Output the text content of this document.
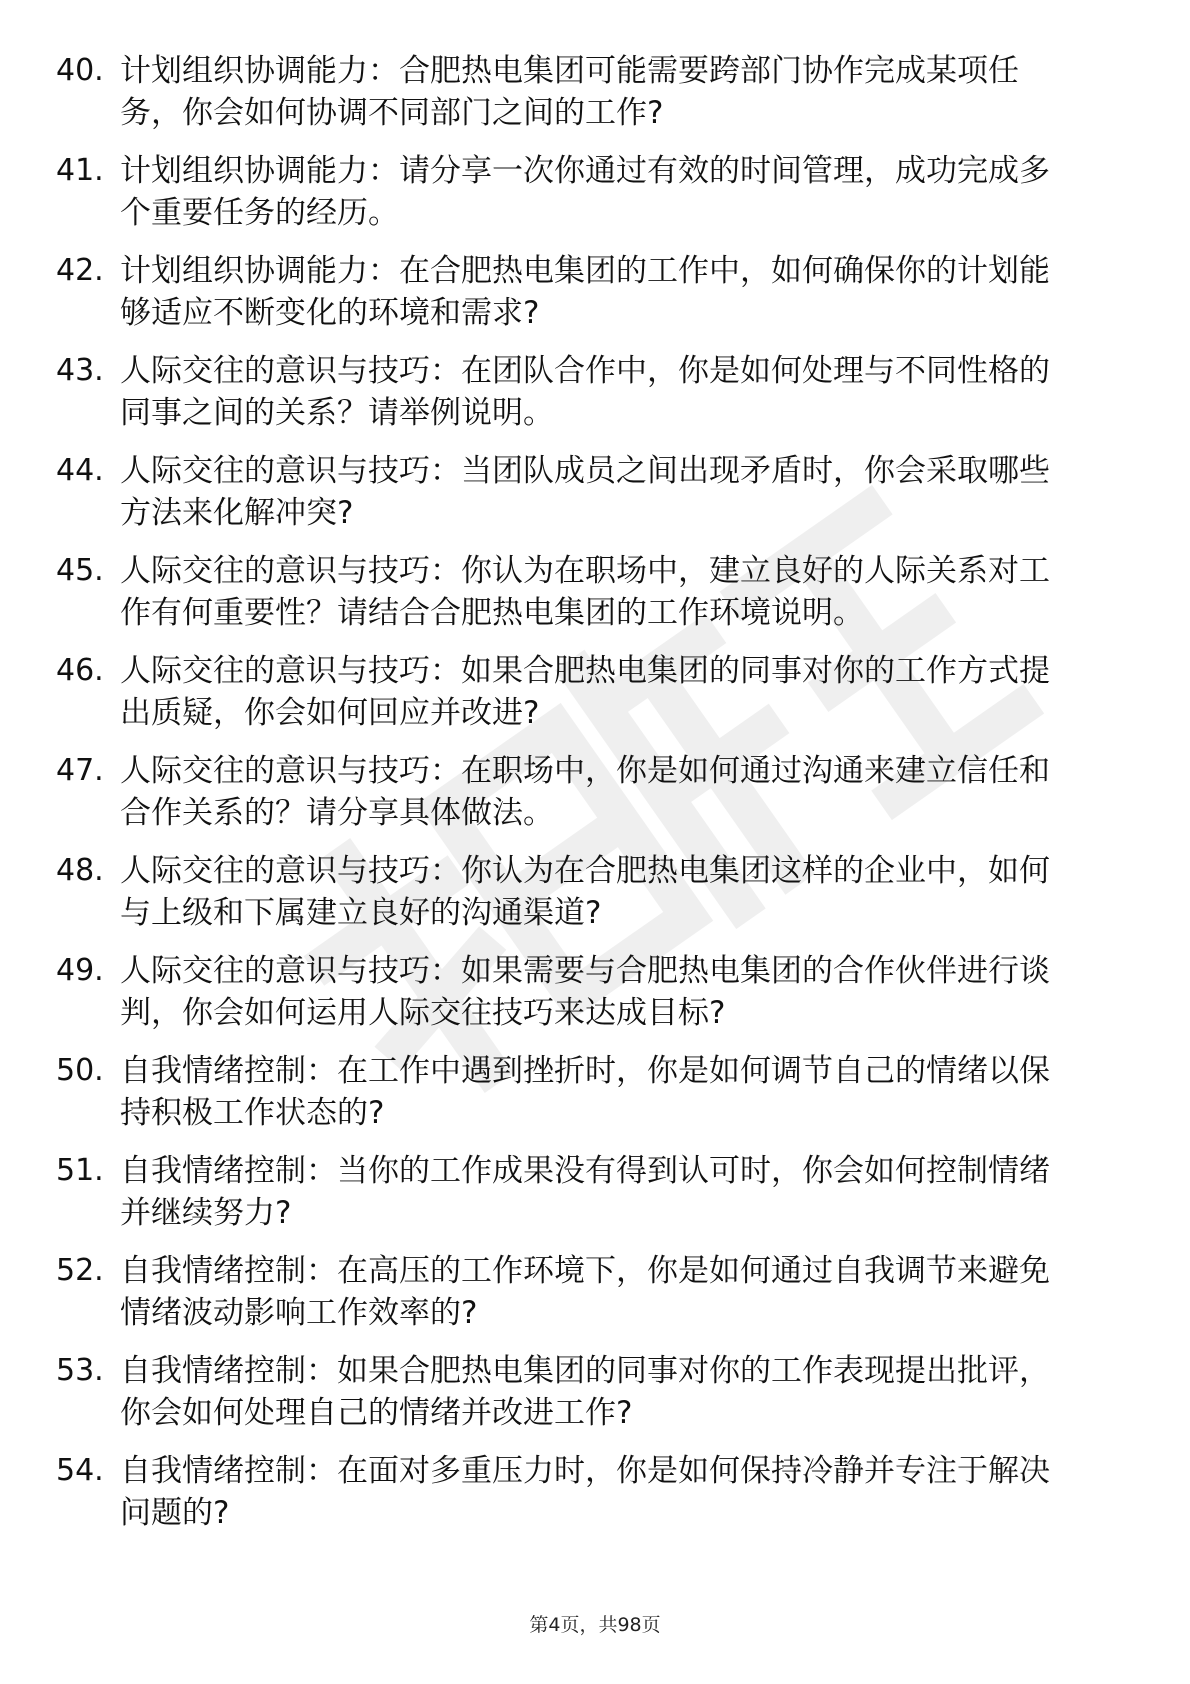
40. 计划组织协调能力：合肥热电集团可能需要跨部门协作完成某项任务，你会如何协调不同部门之间的工作?
41. 计划组织协调能力：请分享一次你通过有效的时间管理，成功完成多个重要任务的经历。
42. 计划组织协调能力：在合肥热电集团的工作中，如何确保你的计划能够适应不断变化的环境和需求?
43. 人际交往的意识与技巧：在团队合作中，你是如何处理与不同性格的同事之间的关系？请举例说明。
44. 人际交往的意识与技巧：当团队成员之间出现矛盾时，你会采取哪些方法来化解冲突?
45. 人际交往的意识与技巧：你认为在职场中，建立良好的人际关系对工作有何重要性？请结合合肥热电集团的工作环境说明。
46. 人际交往的意识与技巧：如果合肥热电集团的同事对你的工作方式提出质疑，你会如何回应并改进?
47. 人际交往的意识与技巧：在职场中，你是如何通过沟通来建立信任和合作关系的？请分享具体做法。
48. 人际交往的意识与技巧：你认为在合肥热电集团这样的企业中，如何与上级和下属建立良好的沟通渠道?
49. 人际交往的意识与技巧：如果需要与合肥热电集团的合作伙伴进行谈判，你会如何运用人际交往技巧来达成目标?
50. 自我情绪控制：在工作中遇到挫折时，你是如何调节自己的情绪以保持积极工作状态的?
51. 自我情绪控制：当你的工作成果没有得到认可时，你会如何控制情绪并继续努力?
52. 自我情绪控制：在高压的工作环境下，你是如何通过自我调节来避免情绪波动影响工作效率的?
53. 自我情绪控制：如果合肥热电集团的同事对你的工作表现提出批评，你会如何处理自己的情绪并改进工作?
54. 自我情绪控制：在面对多重压力时，你是如何保持冷静并专注于解决问题的?
第4页，共98页
